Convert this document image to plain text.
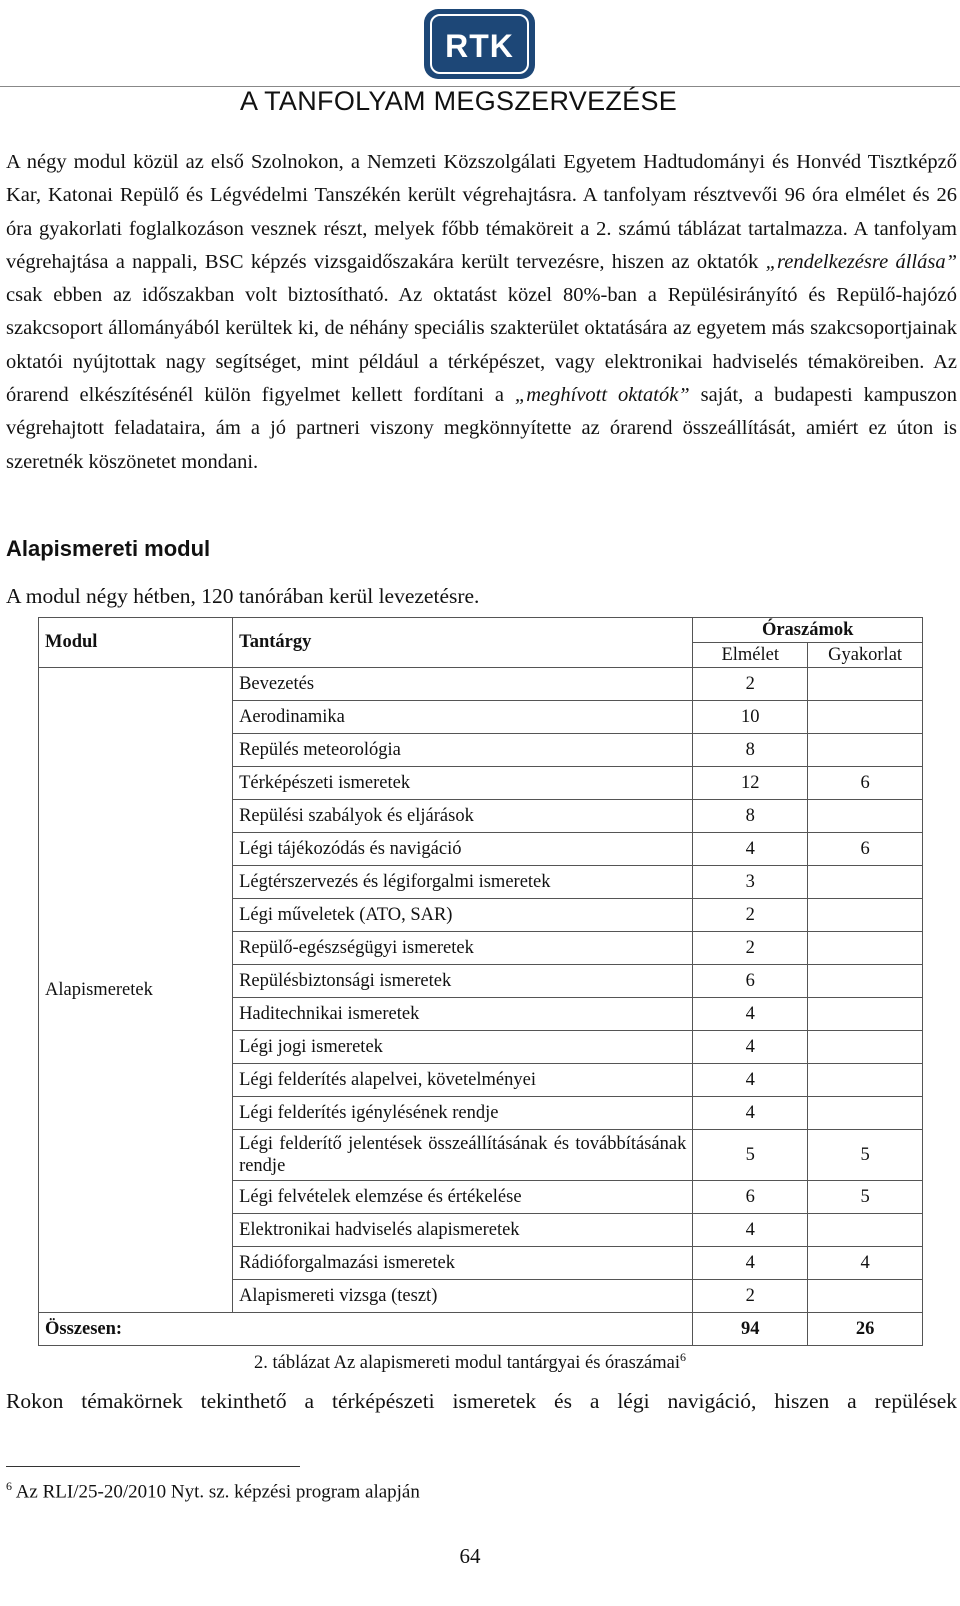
RTK
A TANFOLYAM MEGSZERVEZÉSE

A négy modul közül az első Szolnokon, a Nemzeti Közszolgálati Egyetem Hadtudományi és Honvéd Tisztképző Kar, Katonai Repülő és Légvédelmi Tanszékén került végrehajtásra. A tanfolyam résztvevői 96 óra elmélet és 26 óra gyakorlati foglalkozáson vesznek részt, melyek főbb témaköreit a 2. számú táblázat tartalmazza. A tanfolyam végrehajtása a nappali, BSC képzés vizsgaidőszakára került tervezésre, hiszen az oktatók „rendelkezésre állása” csak ebben az időszakban volt biztosítható. Az oktatást közel 80%-ban a Repülésirányító és Repülő-hajózó szakcsoport állományából kerültek ki, de néhány speciális szakterület oktatására az egyetem más szakcsoportjainak oktatói nyújtottak nagy segítséget, mint például a térképészet, vagy elektronikai hadviselés témaköreiben. Az órarend elkészítésénél külön figyelmet kellett fordítani a „meghívott oktatók” saját, a budapesti kampuszon végrehajtott feladataira, ám a jó partneri viszony megkönnyítette az órarend összeállítását, amiért ez úton is szeretnék köszönetet mondani.

Alapismereti modul

A modul négy hétben, 120 tanórában kerül levezetésre.

Modul	Tantárgy	Óraszámok	
		Elmélet	Gyakorlat
Alapismeretek	Bevezetés	2	
	Aerodinamika	10	
	Repülés meteorológia	8	
	Térképészeti ismeretek	12	6
	Repülési szabályok és eljárások	8	
	Légi tájékozódás és navigáció	4	6
	Légtérszervezés és légiforgalmi ismeretek	3	
	Légi műveletek (ATO, SAR)	2	
	Repülő-egészségügyi ismeretek	2	
	Repülésbiztonsági ismeretek	6	
	Haditechnikai ismeretek	4	
	Légi jogi ismeretek	4	
	Légi felderítés alapelvei, követelményei	4	
	Légi felderítés igénylésének rendje	4	
	Légi felderítő jelentések összeállításának és továbbításának rendje	5	5
	Légi felvételek elemzése és értékelése	6	5
	Elektronikai hadviselés alapismeretek	4	
	Rádióforgalmazási ismeretek	4	4
	Alapismereti vizsga (teszt)	2	
Összesen:		94	26
2. táblázat Az alapismereti modul tantárgyai és óraszámai$^6$

Rokon témakörnek tekinthető a térképészeti ismeretek és a légi navigáció, hiszen a repülések

$^6$ Az RLI/25-20/2010 Nyt. sz. képzési program alapján
64
